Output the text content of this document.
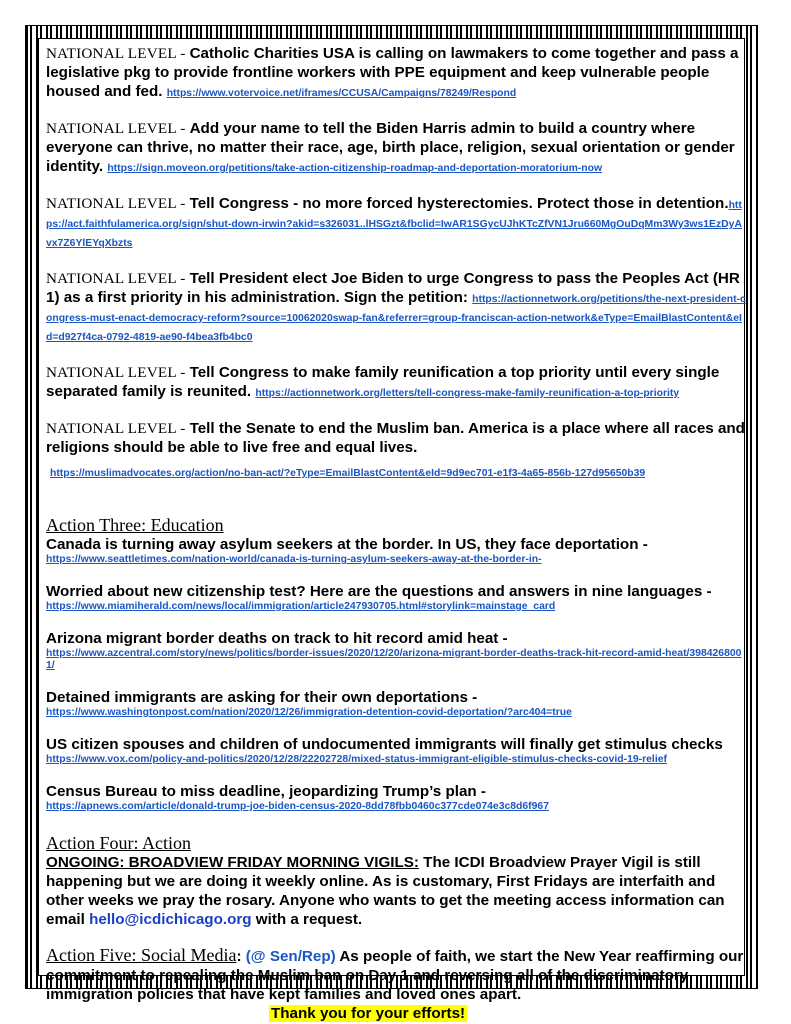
NATIONAL LEVEL - Catholic Charities USA is calling on lawmakers to come together and pass a legislative pkg to provide frontline workers with PPE equipment and keep vulnerable people housed and fed. https://www.votervoice.net/iframes/CCUSA/Campaigns/78249/Respond
NATIONAL LEVEL - Add your name to tell the Biden Harris admin to build a country where everyone can thrive, no matter their race, age, birth place, religion, sexual orientation or gender identity. https://sign.moveon.org/petitions/take-action-citizenship-roadmap-and-deportation-moratorium-now
NATIONAL LEVEL - Tell Congress - no more forced hysterectomies. Protect those in detention.https://act.faithfulamerica.org/sign/shut-down-irwin?akid=s326031..lHSGzt&fbclid=IwAR1SGycUJhKTcZfVN1Jru660MgOuDqMm3Wy3ws1EzDyAvx7Z6YlEYqXbzts
NATIONAL LEVEL - Tell President elect Joe Biden to urge Congress to pass the Peoples Act (HR 1) as a first priority in his administration. Sign the petition: https://actionnetwork.org/petitions/the-next-president-congress-must-enact-democracy-reform?source=10062020swap-fan&referrer=group-franciscan-action-network&eType=EmailBlastContent&eId=d927f4ca-0792-4819-ae90-f4bea3fb4bc0
NATIONAL LEVEL - Tell Congress to make family reunification a top priority until every single separated family is reunited. https://actionnetwork.org/letters/tell-congress-make-family-reunification-a-top-priority
NATIONAL LEVEL - Tell the Senate to end the Muslim ban. America is a place where all races and religions should be able to live free and equal lives.
https://muslimadvocates.org/action/no-ban-act/?eType=EmailBlastContent&eId=9d9ec701-e1f3-4a65-856b-127d95650b39
Action Three: Education
Canada is turning away asylum seekers at the border. In US, they face deportation -
https://www.seattletimes.com/nation-world/canada-is-turning-asylum-seekers-away-at-the-border-in-
Worried about new citizenship test? Here are the questions and answers in nine languages -
https://www.miamiherald.com/news/local/immigration/article247930705.html#storylink=mainstage_card
Arizona migrant border deaths on track to hit record amid heat -
https://www.azcentral.com/story/news/politics/border-issues/2020/12/20/arizona-migrant-border-deaths-track-hit-record-amid-heat/3984268001/
Detained immigrants are asking for their own deportations -
https://www.washingtonpost.com/nation/2020/12/26/immigration-detention-covid-deportation/?arc404=true
US citizen spouses and children of undocumented immigrants will finally get stimulus checks
https://www.vox.com/policy-and-politics/2020/12/28/22202728/mixed-status-immigrant-eligible-stimulus-checks-covid-19-relief
Census Bureau to miss deadline, jeopardizing Trump’s plan -
https://apnews.com/article/donald-trump-joe-biden-census-2020-8dd78fbb0460c377cde074e3c8d6f967
Action Four: Action
ONGOING: BROADVIEW FRIDAY MORNING VIGILS: The ICDI Broadview Prayer Vigil is still happening but we are doing it weekly online. As is customary, First Fridays are interfaith and other weeks we pray the rosary. Anyone who wants to get the meeting access information can email hello@icdichicago.org with a request.
Action Five: Social Media: (@ Sen/Rep) As people of faith, we start the New Year reaffirming our commitment to repealing the Muslim ban on Day 1 and reversing all of the discriminatory immigration policies that have kept families and loved ones apart.
Thank you for your efforts!
